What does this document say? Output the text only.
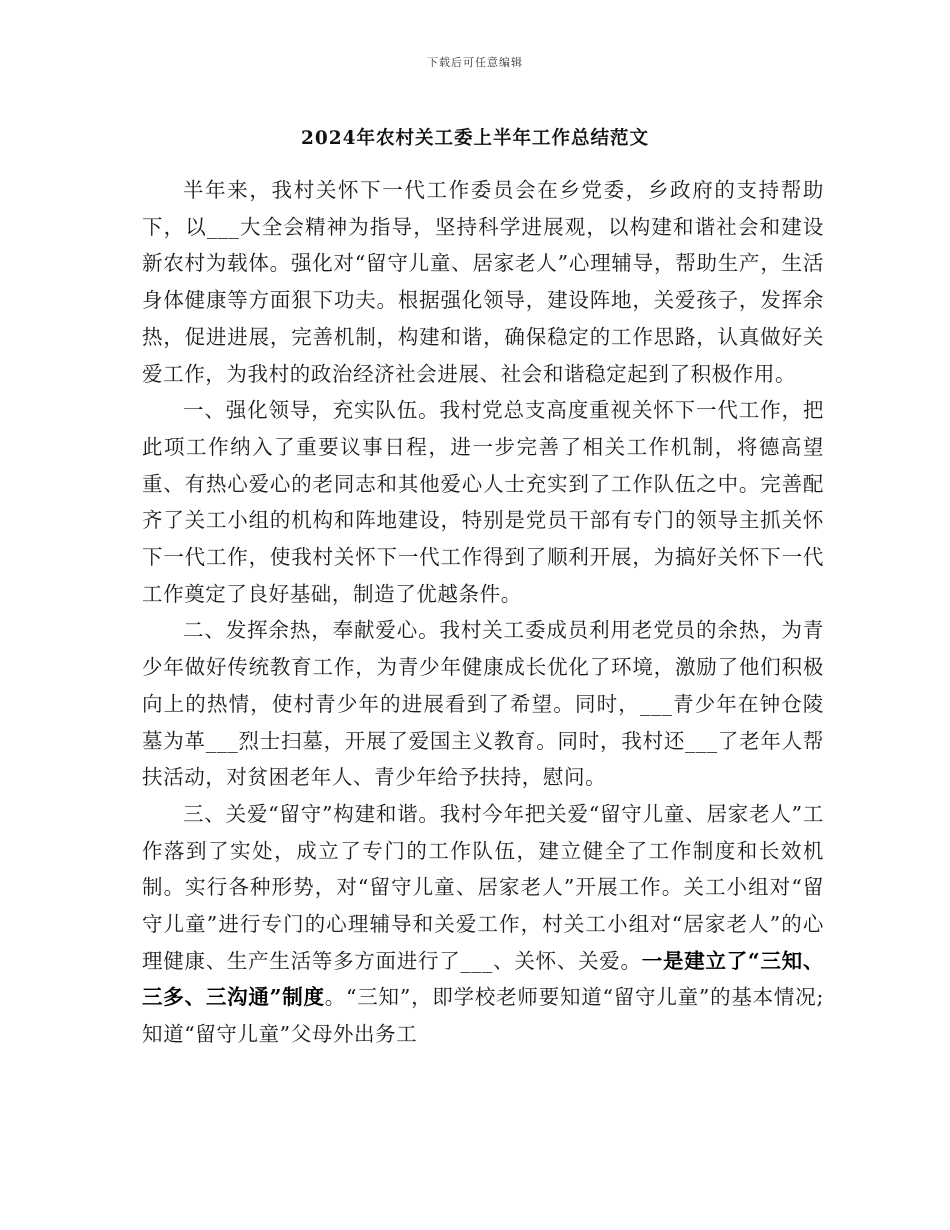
下载后可任意编辑
2024年农村关工委上半年工作总结范文

半年来，我村关怀下一代工作委员会在乡党委，乡政府的支持帮助下，以___大全会精神为指导，坚持科学进展观，以构建和谐社会和建设新农村为载体。强化对“留守儿童、居家老人”心理辅导，帮助生产，生活身体健康等方面狠下功夫。根据强化领导，建设阵地，关爱孩子，发挥余热，促进进展，完善机制，构建和谐，确保稳定的工作思路，认真做好关爱工作，为我村的政治经济社会进展、社会和谐稳定起到了积极作用。

一、强化领导，充实队伍。我村党总支高度重视关怀下一代工作，把此项工作纳入了重要议事日程，进一步完善了相关工作机制，将德高望重、有热心爱心的老同志和其他爱心人士充实到了工作队伍之中。完善配齐了关工小组的机构和阵地建设，特别是党员干部有专门的领导主抓关怀下一代工作，使我村关怀下一代工作得到了顺利开展，为搞好关怀下一代工作奠定了良好基础，制造了优越条件。

二、发挥余热，奉献爱心。我村关工委成员利用老党员的余热，为青少年做好传统教育工作，为青少年健康成长优化了环境，激励了他们积极向上的热情，使村青少年的进展看到了希望。同时，___青少年在钟仓陵墓为革___烈士扫墓，开展了爱国主义教育。同时，我村还___了老年人帮扶活动，对贫困老年人、青少年给予扶持，慰问。

三、关爱“留守”构建和谐。我村今年把关爱“留守儿童、居家老人”工作落到了实处，成立了专门的工作队伍，建立健全了工作制度和长效机制。实行各种形势，对“留守儿童、居家老人”开展工作。关工小组对“留守儿童”进行专门的心理辅导和关爱工作，村关工小组对“居家老人”的心理健康、生产生活等多方面进行了___、关怀、关爱。一是建立了“三知、三多、三沟通”制度。“三知”，即学校老师要知道“留守儿童”的基本情况;知道“留守儿童”父母外出务工
